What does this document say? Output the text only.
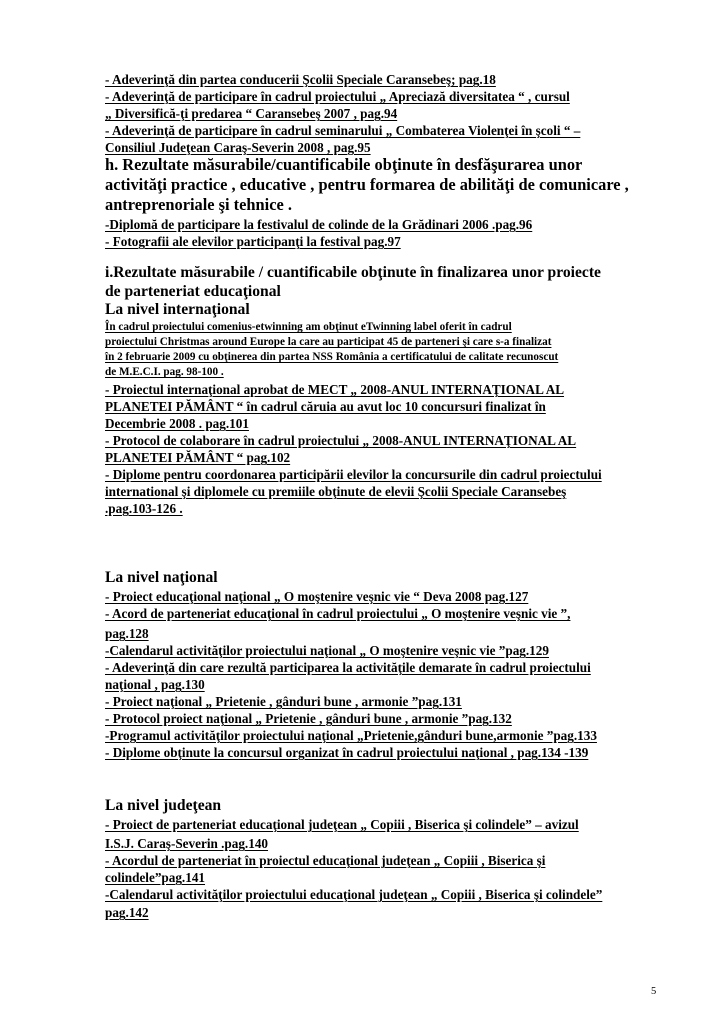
- Adeverinţă din partea conducerii Şcolii Speciale Caransebeş; pag.18
- Adeverinţă de participare în cadrul proiectului „ Apreciază diversitatea “ , cursul
„ Diversifică-ţi predarea “ Caransebeş 2007 , pag.94
- Adeverinţă de participare în cadrul seminarului „ Combaterea Violenţei în şcoli “ –
Consiliul Judeţean Caraş-Severin 2008 , pag.95
h. Rezultate măsurabile/cuantificabile obţinute în desfăşurarea unor
activităţi practice , educative , pentru formarea de abilităţi de comunicare ,
antreprenoriale şi tehnice .
-Diplomă de participare la festivalul de colinde de la Grădinari 2006 .pag.96
- Fotografii ale elevilor participanţi la festival pag.97
i.Rezultate măsurabile / cuantificabile obţinute în finalizarea unor proiecte
de parteneriat educaţional
La nivel internaţional
În cadrul proiectului comenius-etwinning am obţinut eTwinning label oferit în cadrul
proiectului Christmas around Europe la care au participat 45 de parteneri şi care s-a finalizat
în 2 februarie 2009 cu obţinerea din partea NSS România a certificatului de calitate recunoscut
de M.E.C.I. pag. 98-100 .
- Proiectul internaţional aprobat de MECT „ 2008-ANUL INTERNAŢIONAL AL
PLANETEI PĂMÂNT “ în cadrul căruia au avut loc 10 concursuri finalizat în
Decembrie 2008 . pag.101
- Protocol de colaborare în cadrul proiectului „ 2008-ANUL INTERNAŢIONAL AL
PLANETEI PĂMÂNT “ pag.102
- Diplome pentru coordonarea participării elevilor la concursurile din cadrul proiectului
international şi diplomele cu premiile obţinute de elevii Şcolii Speciale Caransebeş
.pag.103-126 .
La nivel naţional
- Proiect educaţional naţional „ O moştenire veşnic vie “ Deva 2008 pag.127
- Acord de parteneriat educaţional în cadrul proiectului „ O moştenire veşnic vie ”,
pag.128
-Calendarul activităţilor proiectului naţional „ O moştenire veşnic vie ”pag.129
- Adeverinţă din care rezultă participarea la activităţile demarate în cadrul proiectului
naţional , pag.130
- Proiect naţional „ Prietenie , gânduri bune , armonie ”pag.131
- Protocol proiect naţional „ Prietenie , gânduri bune , armonie ”pag.132
-Programul activităţilor proiectului naţional „Prietenie,gânduri bune,armonie ”pag.133
- Diplome obţinute la concursul organizat în cadrul proiectului naţional , pag.134 -139
La nivel judeţean
- Proiect de parteneriat educaţional judeţean „ Copiii , Biserica şi colindele” – avizul
I.S.J. Caraş-Severin .pag.140
- Acordul de parteneriat în proiectul educaţional judeţean „ Copiii , Biserica şi
colindele”pag.141
-Calendarul activităţilor proiectului educaţional judeţean „ Copiii , Biserica şi colindele”
pag.142
5
